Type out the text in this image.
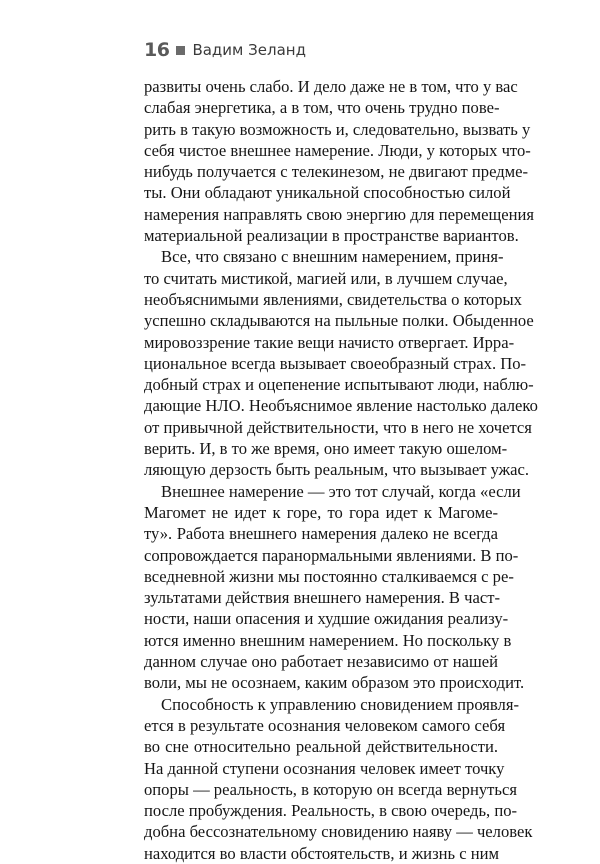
16 Вадим Зеланд
развиты очень слабо. И дело даже не в том, что у вас
слабая энергетика, а в том, что очень трудно пове-
рить в такую возможность и, следовательно, вызвать у
себя чистое внешнее намерение. Люди, у которых что-
нибудь получается с телекинезом, не двигают предме-
ты. Они обладают уникальной способностью силой
намерения направлять свою энергию для перемещения
материальной реализации в пространстве вариантов.
Все, что связано с внешним намерением, приня-
то считать мистикой, магией или, в лучшем случае,
необъяснимыми явлениями, свидетельства о которых
успешно складываются на пыльные полки. Обыденное
мировоззрение такие вещи начисто отвергает. Ирра-
циональное всегда вызывает своеобразный страх. По-
добный страх и оцепенение испытывают люди, наблю-
дающие НЛО. Необъяснимое явление настолько далеко
от привычной действительности, что в него не хочется
верить. И, в то же время, оно имеет такую ошелом-
ляющую дерзость быть реальным, что вызывает ужас.
Внешнее намерение — это тот случай, когда «если
Магомет не идет к горе, то гора идет к Магоме-
ту». Работа внешнего намерения далеко не всегда
сопровождается паранормальными явлениями. В по-
вседневной жизни мы постоянно сталкиваемся с ре-
зультатами действия внешнего намерения. В част-
ности, наши опасения и худшие ожидания реализу-
ются именно внешним намерением. Но поскольку в
данном случае оно работает независимо от нашей
воли, мы не осознаем, каким образом это происходит.
Способность к управлению сновидением проявля-
ется в результате осознания человеком самого себя
во сне относительно реальной действительности.
На данной ступени осознания человек имеет точку
опоры — реальность, в которую он всегда вернуться
после пробуждения. Реальность, в свою очередь, по-
добна бессознательному сновидению наяву — человек
находится во власти обстоятельств, и жизнь с ним
